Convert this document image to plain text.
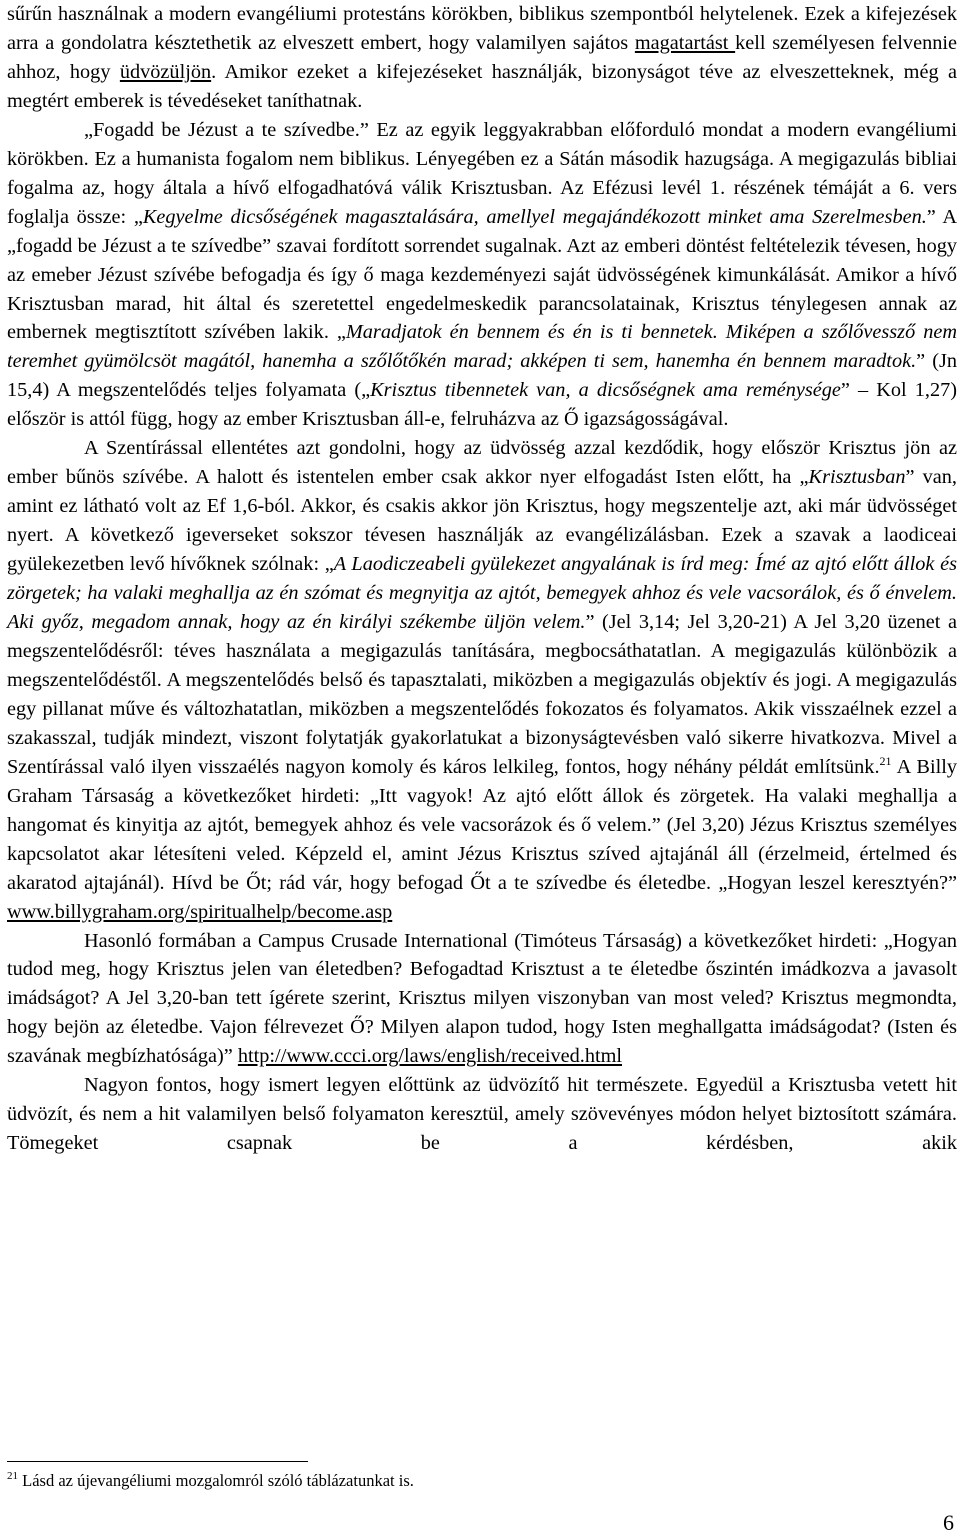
sűrűn használnak a modern evangéliumi protestáns körökben, biblikus szempontból helytelenek. Ezek a kifejezések arra a gondolatra késztethetik az elveszett embert, hogy valamilyen sajátos magatartást kell személyesen felvennie ahhoz, hogy üdvözüljön. Amikor ezeket a kifejezéseket használják, bizonyságot téve az elveszetteknek, még a megtért emberek is tévedéseket taníthatnak.

„Fogadd be Jézust a te szívedbe.” Ez az egyik leggyakrabban előforduló mondat a modern evangéliumi körökben. Ez a humanista fogalom nem biblikus. Lényegében ez a Sátán második hazugsága. A megigazulás bibliai fogalma az, hogy általa a hívő elfogadhatóvá válik Krisztusban. Az Efézusi levél 1. részének témáját a 6. vers foglalja össze: „Kegyelme dicsőségének magasztalására, amellyel megajándékozott minket ama Szerelmesben.” A „fogadd be Jézust a te szívedbe” szavai fordított sorrendet sugalnak. Azt az emberi döntést feltételezik tévesen, hogy az emeber Jézust szívébe befogadja és így ő maga kezdeményezi saját üdvösségének kimunkálását. Amikor a hívő Krisztusban marad, hit által és szeretettel engedelmeskedik parancsolatainak, Krisztus ténylegesen annak az embernek megtisztított szívében lakik. „Maradjatok én bennem és én is ti bennetek. Miképen a szőlővessző nem teremhet gyümölcsöt magától, hanemha a szőlőtőkén marad; akképen ti sem, hanemha én bennem maradtok.” (Jn 15,4) A megszentelődés teljes folyamata („Krisztus tibennetek van, a dicsőségnek ama reménysége” – Kol 1,27) először is attól függ, hogy az ember Krisztusban áll-e, felruházva az Ő igazságosságával.

A Szentírással ellentétes azt gondolni, hogy az üdvösség azzal kezdődik, hogy először Krisztus jön az ember bűnös szívébe. A halott és istentelen ember csak akkor nyer elfogadást Isten előtt, ha „Krisztusban” van, amint ez látható volt az Ef 1,6-ból. Akkor, és csakis akkor jön Krisztus, hogy megszentelje azt, aki már üdvösséget nyert. A következő igeverseket sokszor tévesen használják az evangélizálásban. Ezek a szavak a laodiceai gyülekezetben levő hívőknek szólnak: „A Laodiczeabeli gyülekezet angyalának is írd meg: Ímé az ajtó előtt állok és zörgetek; ha valaki meghallja az én szómat és megnyitja az ajtót, bemegyek ahhoz és vele vacsorálok, és ő énvelem. Aki győz, megadom annak, hogy az én királyi székembe üljön velem.” (Jel 3,14; Jel 3,20-21) A Jel 3,20 üzenet a megszentelődésről: téves használata a megigazulás tanítására, megbocsáthatatlan. A megigazulás különbözik a megszentelődéstől. A megszentelődés belső és tapasztalati, miközben a megigazulás objektív és jogi. A megigazulás egy pillanat műve és változhatatlan, miközben a megszentelődés fokozatos és folyamatos. Akik visszaélnek ezzel a szakasszal, tudják mindezt, viszont folytatják gyakorlatukat a bizonyságtevésben való sikerre hivatkozva. Mivel a Szentírással való ilyen visszaélés nagyon komoly és káros lelkileg, fontos, hogy néhány példát említsünk.$^{21}$ A Billy Graham Társaság a következőket hirdeti: „Itt vagyok! Az ajtó előtt állok és zörgetek. Ha valaki meghallja a hangomat és kinyitja az ajtót, bemegyek ahhoz és vele vacsorázok és ő velem.” (Jel 3,20) Jézus Krisztus személyes kapcsolatot akar létesíteni veled. Képzeld el, amint Jézus Krisztus szíved ajtajánál áll (érzelmeid, értelmed és akaratod ajtajánál). Hívd be Őt; rád vár, hogy befogad Őt a te szívedbe és életedbe. „Hogyan leszel keresztyén?” www.billygraham.org/spiritualhelp/become.asp

Hasonló formában a Campus Crusade International (Timóteus Társaság) a következőket hirdeti: „Hogyan tudod meg, hogy Krisztus jelen van életedben? Befogadtad Krisztust a te életedbe őszintén imádkozva a javasolt imádságot? A Jel 3,20-ban tett ígérete szerint, Krisztus milyen viszonyban van most veled? Krisztus megmondta, hogy bejön az életedbe. Vajon félrevezet Ő? Milyen alapon tudod, hogy Isten meghallgatta imádságodat? (Isten és szavának megbízhatósága)” http://www.ccci.org/laws/english/received.html

Nagyon fontos, hogy ismert legyen előttünk az üdvözítő hit természete. Egyedül a Krisztusba vetett hit üdvözít, és nem a hit valamilyen belső folyamaton keresztül, amely szövevényes módon helyet biztosított számára. Tömegeket csapnak be a kérdésben, akik

$^{21}$ Lásd az újevangéliumi mozgalomról szóló táblázatunkat is.
6
